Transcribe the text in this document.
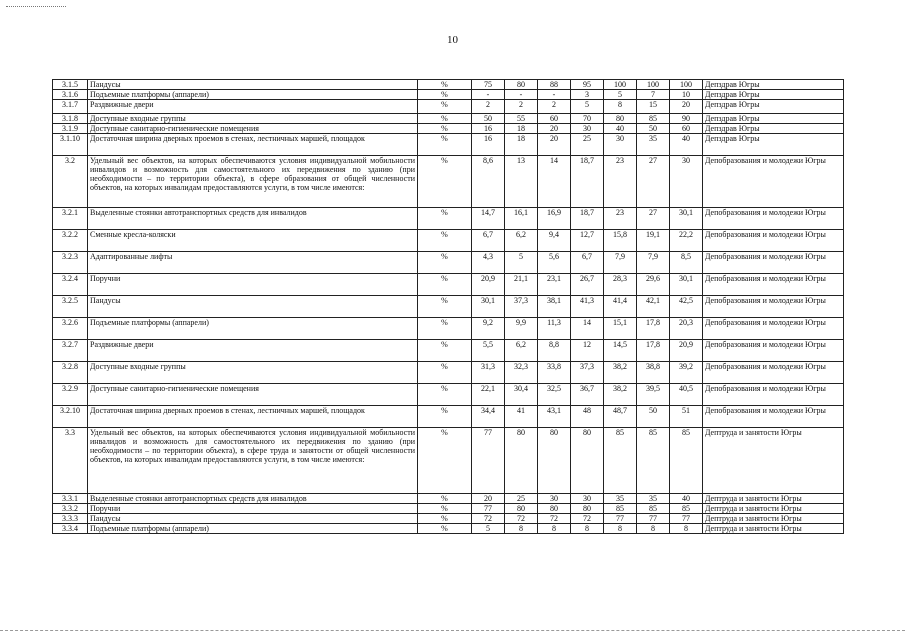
10
3.1.5	Пандусы	%	75	80	88	95	100	100	100	Депздрав Югры
3.1.6	Подъемные платформы (аппарели)	%	-	-	-	3	5	7	10	Депздрав Югры
3.1.7	Раздвижные двери	%	2	2	2	5	8	15	20	Депздрав Югры
3.1.8	Доступные входные группы	%	50	55	60	70	80	85	90	Депздрав Югры
3.1.9	Доступные санитарно-гигиенические помещения	%	16	18	20	30	40	50	60	Депздрав Югры
3.1.10	Достаточная ширина дверных проемов в стенах, лестничных маршей, площадок	%	16	18	20	25	30	35	40	Депздрав Югры
3.2	Удельный вес объектов, на которых обеспечиваются условия индивидуальной мобильности инвалидов и возможность для самостоятельного их передвижения по зданию (при необходимости – по территории объекта), в сфере образования от общей численности объектов, на которых инвалидам предоставляются услуги, в том числе имеются:	%	8,6	13	14	18,7	23	27	30	Депобразования и молодежи Югры
3.2.1	Выделенные стоянки автотранспортных средств для инвалидов	%	14,7	16,1	16,9	18,7	23	27	30,1	Депобразования и молодежи Югры
3.2.2	Сменные кресла-коляски	%	6,7	6,2	9,4	12,7	15,8	19,1	22,2	Депобразования и молодежи Югры
3.2.3	Адаптированные лифты	%	4,3	5	5,6	6,7	7,9	7,9	8,5	Депобразования и молодежи Югры
3.2.4	Поручни	%	20,9	21,1	23,1	26,7	28,3	29,6	30,1	Депобразования и молодежи Югры
3.2.5	Пандусы	%	30,1	37,3	38,1	41,3	41,4	42,1	42,5	Депобразования и молодежи Югры
3.2.6	Подъемные платформы (аппарели)	%	9,2	9,9	11,3	14	15,1	17,8	20,3	Депобразования и молодежи Югры
3.2.7	Раздвижные двери	%	5,5	6,2	8,8	12	14,5	17,8	20,9	Депобразования и молодежи Югры
3.2.8	Доступные входные группы	%	31,3	32,3	33,8	37,3	38,2	38,8	39,2	Депобразования и молодежи Югры
3.2.9	Доступные санитарно-гигиенические помещения	%	22,1	30,4	32,5	36,7	38,2	39,5	40,5	Депобразования и молодежи Югры
3.2.10	Достаточная ширина дверных проемов в стенах, лестничных маршей, площадок	%	34,4	41	43,1	48	48,7	50	51	Депобразования и молодежи Югры
3.3	Удельный вес объектов, на которых обеспечиваются условия индивидуальной мобильности инвалидов и возможность для самостоятельного их передвижения по зданию (при необходимости – по территории объекта), в сфере труда и занятости от общей численности объектов, на которых инвалидам предоставляются услуги, в том числе имеются:	%	77	80	80	80	85	85	85	Дептруда и занятости Югры
3.3.1	Выделенные стоянки автотранспортных средств для инвалидов	%	20	25	30	30	35	35	40	Дептруда и занятости Югры
3.3.2	Поручни	%	77	80	80	80	85	85	85	Дептруда и занятости Югры
3.3.3	Пандусы	%	72	72	72	72	77	77	77	Дептруда и занятости Югры
3.3.4	Подъемные платформы (аппарели)	%	5	8	8	8	8	8	8	Дептруда и занятости Югры
